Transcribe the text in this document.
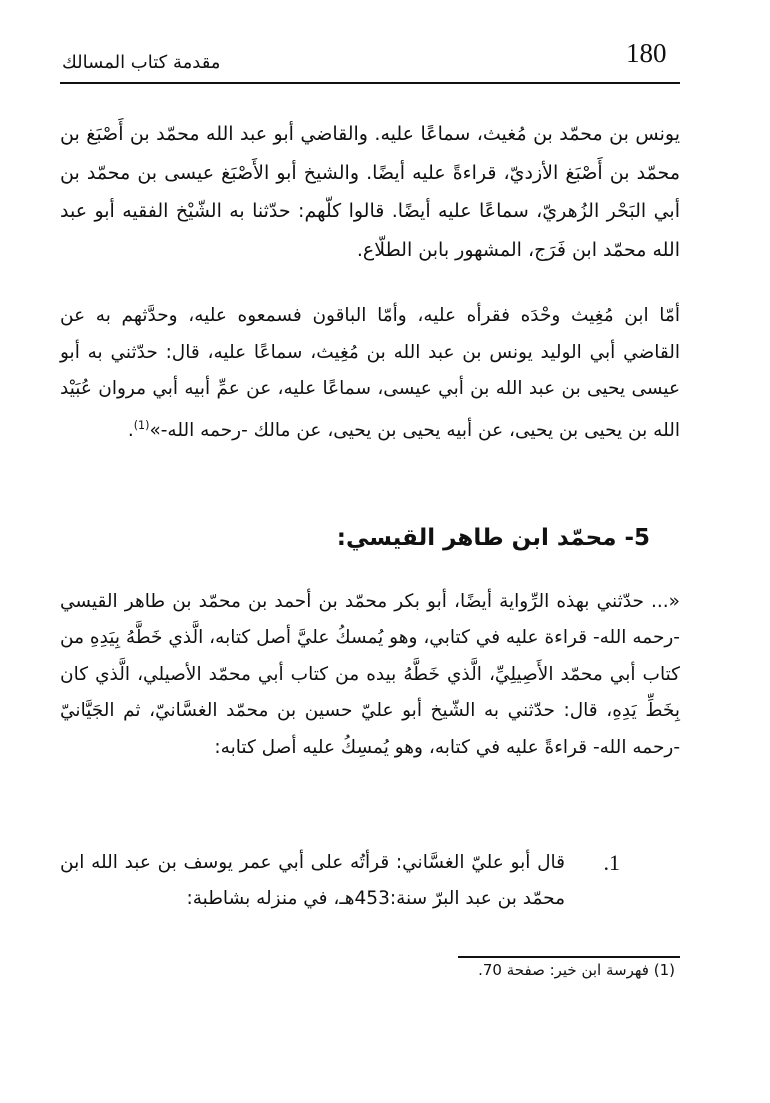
180
مقدمة كتاب المسالك

يونس بن محمّد بن مُغيث، سماعًا عليه. والقاضي أبو عبد الله محمّد بن أَصْبَغ بن محمّد بن أَصْبَغ الأزديّ، قراءةً عليه أيضًا. والشيخ أبو الأَصْبَغ عيسى بن محمّد بن أبي البَحْر الزُهريّ، سماعًا عليه أيضًا. قالوا كلّهم: حدّثنا به الشّيْخ الفقيه أبو عبد الله محمّد ابن فَرَج، المشهور بابن الطلّاع.

أمّا ابن مُغِيث وحْدَه فقرأه عليه، وأمّا الباقون فسمعوه عليه، وحدَّثهم به عن القاضي أبي الوليد يونس بن عبد الله بن مُغِيث، سماعًا عليه، قال: حدّثني به أبو عيسى يحيى بن عبد الله بن أبي عيسى، سماعًا عليه، عن عمِّ أبيه أبي مروان عُبَيْد الله بن يحيى بن يحيى، عن أبيه يحيى بن يحيى، عن مالك -رحمه الله-»$^{(1)}$.

5- محمّد ابن طاهر القيسي:

«... حدّثني بهذه الرِّواية أيضًا، أبو بكر محمّد بن أحمد بن محمّد بن طاهر القيسي -رحمه الله- قراءة عليه في كتابي، وهو يُمسكُ عليَّ أصل كتابه، الَّذي خَطَّهُ بِيَدِهِ من كتاب أبي محمّد الأَصِيلِيِّ، الَّذي خَطَّهُ بيده من كتاب أبي محمّد الأصيلي، الَّذي كان بِخَطِّ يَدِهِ، قال: حدّثني به الشّيخ أبو عليّ حسين بن محمّد الغسَّانيّ، ثم الجَيَّانيّ -رحمه الله- قراءةً عليه في كتابه، وهو يُمسِكُ عليه أصل كتابه:

1.
قال أبو عليّ الغسَّاني: قرأتُه على أبي عمر يوسف بن عبد الله ابن محمّد بن عبد البرّ سنة:453هـ، في منزله بشاطبة:
(1) فهرسة ابن خير: صفحة 70.
